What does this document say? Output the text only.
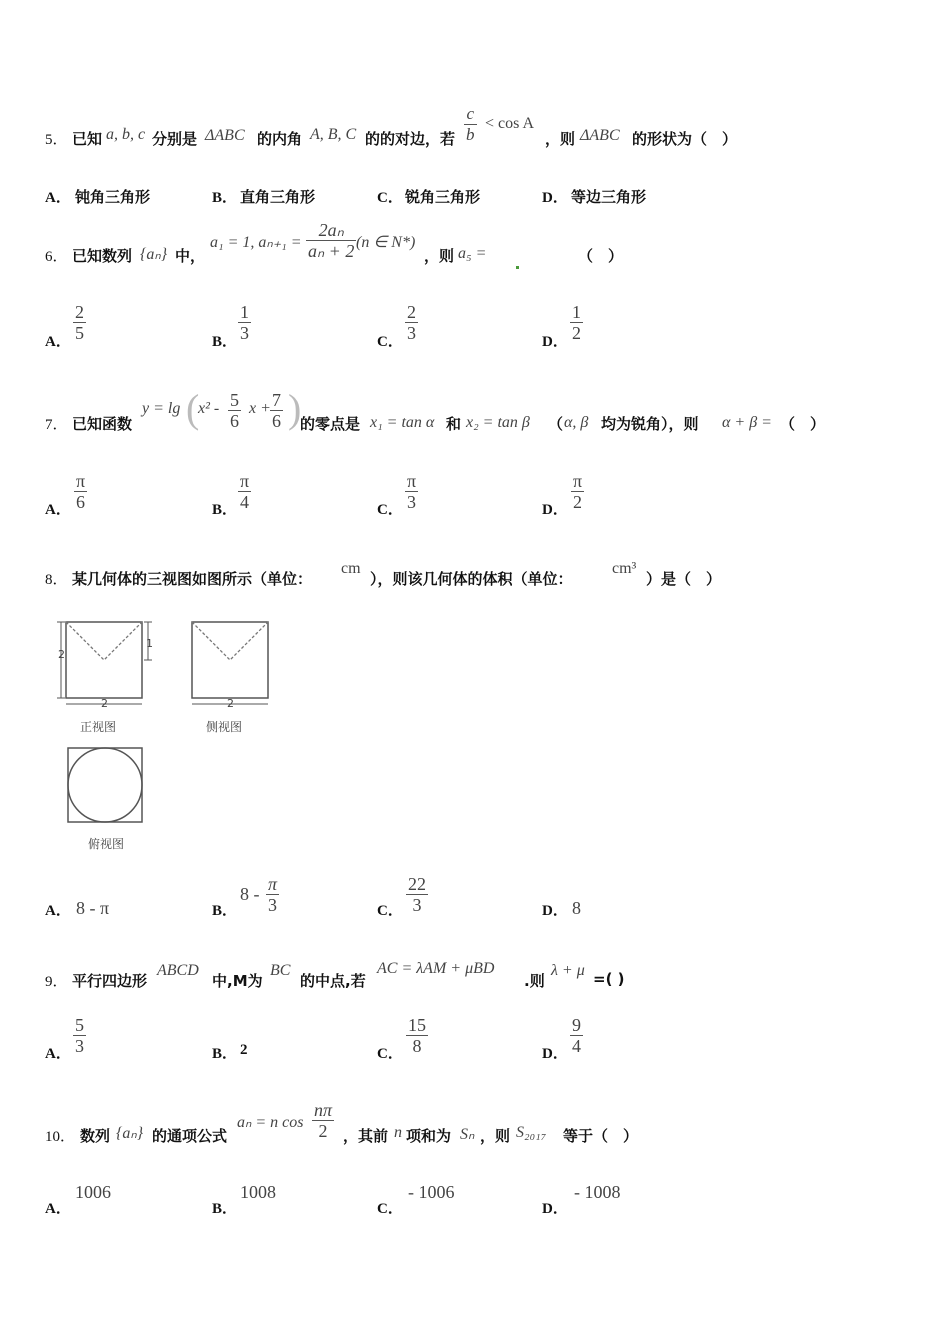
5． 已知 a, b, c 分别是 ΔABC 的内角 A, B, C 的的对边，若 $\frac{c}{b} < \cos A$
，则 ΔABC 的形状为（　）
A． 钝角三角形	B． 直角三角形	C． 锐角三角形	D． 等边三角形
6． 已知数列 {aₙ} 中，
a₁ = 1, $a_{n+1} = \frac{\text{2aₙ}}{\text{aₙ + 2}} (n$ ∈ N*)
，则 a₅ =	（　）
A． $\frac{2}{5}$	B． $\frac{1}{3}$	C． $\frac{2}{3}$	D． $\frac{1}{2}$
7． 已知函数
y = lg (
$x^2 - \frac{5}{6}$ $x + \frac{7}{6}$ )
的零点是 x₁ = tan α 和 x₂ = tan β （ α, β 均为锐角），则 α + β = （　）
A． $\frac{\pi}{6}$	B． $\frac{\pi}{4}$	C． $\frac{\pi}{3}$	D． $\frac{\pi}{2}$
8． 某几何体的三视图如图所示（单位：
cm
），则该几何体的体积（单位：
cm³
）是（　）
2
1
2	2
正视图	侧视图
俯视图
A． 8 - π	B．
$8 - \frac{\pi}{3}$	C． $\frac{22}{3}$	D． 8
9． 平行四边形
ABCD
中,M为
BC
的中点,若
AC = λAM + μBD
.则
λ + μ =( )
A． $\frac{5}{3}$	B． 2	C． $\frac{15}{8}$	D． $\frac{9}{4}$
10． 数列 {aₙ} 的通项公式
aₙ = n $\cos \frac{n\pi}{2}$ ，其前 n 项和为 Sₙ ，则 S₂₀₁₇ 等于（　）
A．
1006
B．
1008
C．
- 1006
D．
- 1008
